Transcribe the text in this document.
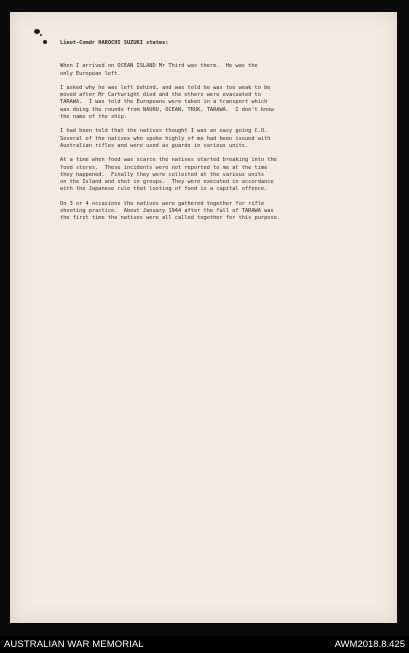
Lieut-Comdr HAROCHI SUZUKI states:

When I arrived on OCEAN ISLAND Mr Third was there.  He was the
only European left.

I asked why he was left behind, and was told he was too weak to be
moved after Mr Cartwright died and the others were evacuated to
TARAWA.  I was told the Europeans were taken in a transport which
was doing the rounds from NAURU, OCEAN, TRUK, TARAWA.  I don't know
the name of the ship.

I had been told that the natives thought I was an easy going C.O.
Several of the natives who spoke highly of me had been issued with
Australian rifles and were used as guards in various units.

At a time when food was scarce the natives started breaking into the
food stores.  These incidents were not reported to me at the time
they happened.  Finally they were collected at the various units
on the Island and shot in groups.  They were executed in accordance
with the Japanese rule that looting of food is a capital offence.

On 3 or 4 occasions the natives were gathered together for rifle
shooting practice.  About January 1944 after the fall of TARAWA was
the first time the natives were all called together for this purpose.

AUSTRALIAN WAR MEMORIAL	AWM2018.8.425
